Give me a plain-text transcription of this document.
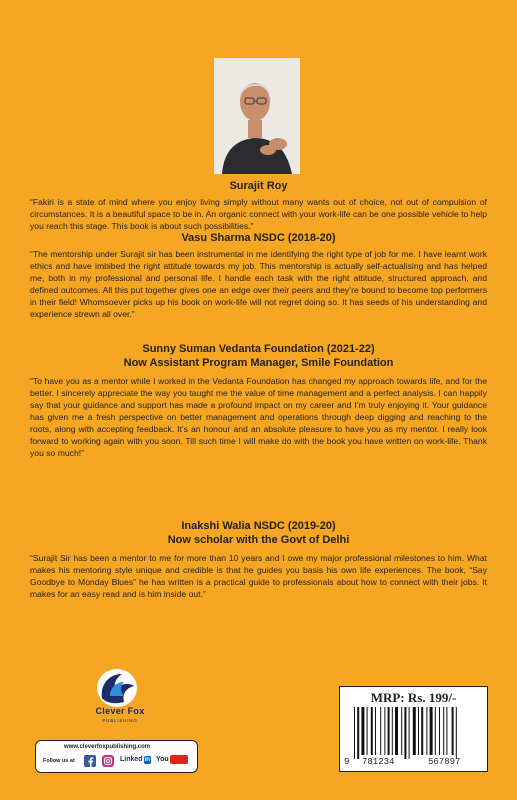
Surajit Roy
“Fakiri is a state of mind where you enjoy living simply without many wants out of choice, not out of compulsion of circumstances. It is a beautiful space to be in. An organic connect with your work-life can be one possible vehicle to help you reach this stage. This book is about such possibilities.”
Vasu Sharma NSDC (2018-20)
“The mentorship under Surajit sir has been instrumental in me identifying the right type of job for me. I have learnt work ethics and have imbibed the right attitude towards my job. This mentorship is actually self-actualising and has helped me, both in my professional and personal life. I handle each task with the right attitude, structured approach, and defined outcomes. All this put together gives one an edge over their peers and they’re bound to become top performers in their field! Whomsoever picks up his book on work-life will not regret doing so. It has seeds of his understanding and experience strewn all over.”
Sunny Suman Vedanta Foundation (2021-22)
Now Assistant Program Manager, Smile Foundation
“To have you as a mentor while I worked in the Vedanta Foundation has changed my approach towards life, and for the better. I sincerely appreciate the way you taught me the value of time management and a perfect analysis. I can happily say that your guidance and support has made a profound impact on my career and I’m truly enjoying it. Your guidance has given me a fresh perspective on better management and operations through deep digging and reaching to the roots, along with accepting feedback. It’s an honour and an absolute pleasure to have you as my mentor. I really look forward to working again with you soon. Till such time I will make do with the book you have written on work-life. Thank you so much!”
Inakshi Walia NSDC (2019-20)
Now scholar with the Govt of Delhi
“Surajit Sir has been a mentor to me for more than 10 years and I owe my major professional milestones to him. What makes his mentoring style unique and credible is that he guides you basis his own life experiences. The book, “Say Goodbye to Monday Blues” he has written is a practical guide to professionals about how to connect with their jobs. It makes for an easy read and is him inside out.”
Clever Fox
PUBLISHING
www.cleverfoxpublishing.com
Follow us at	Linked in You
MRP: Rs. 199/-
9 781234	567897
